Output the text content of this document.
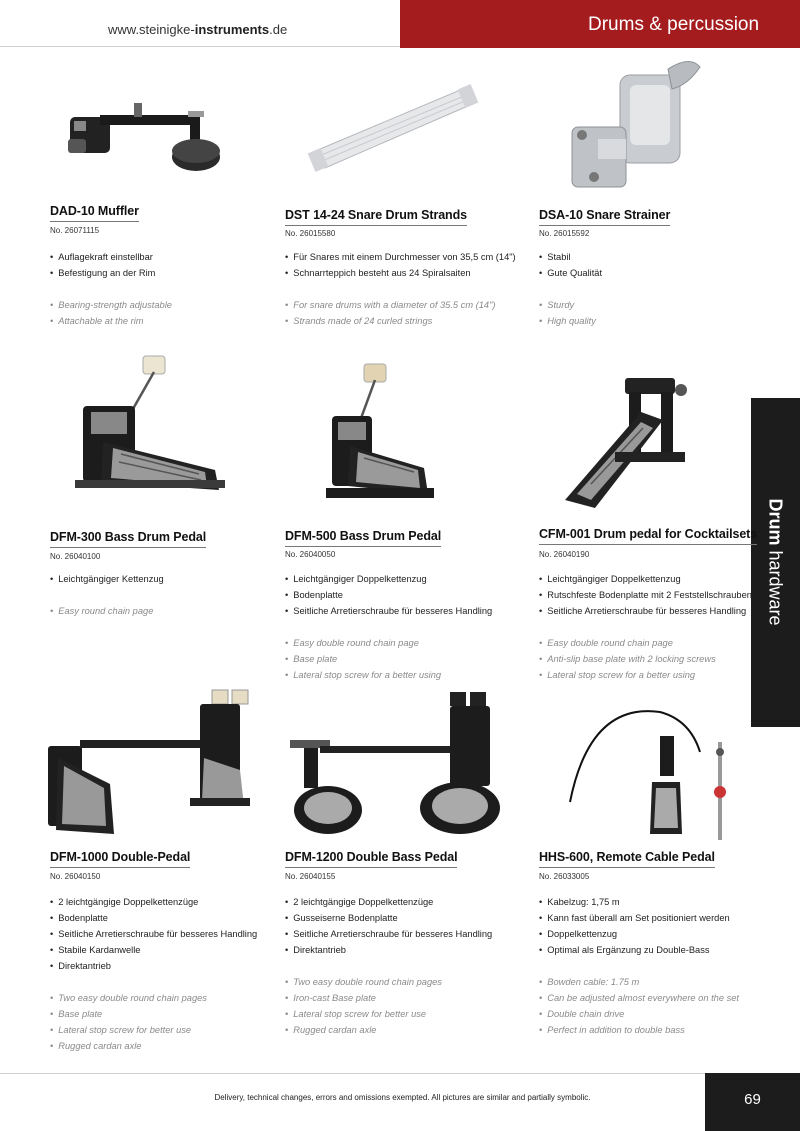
www.steinigke-instruments.de	Drums & percussion
Drum hardware
DAD-10 Muffler
No. 26071115
• Auflagekraft einstellbar
• Befestigung an der Rim
• Bearing-strength adjustable
• Attachable at the rim
DST 14-24 Snare Drum Strands
No. 26015580
• Für Snares mit einem Durchmesser von 35,5 cm (14")
• Schnarrteppich besteht aus 24 Spiralsaiten
• For snare drums with a diameter of 35.5 cm (14")
• Strands made of 24 curled strings
DSA-10 Snare Strainer
No. 26015592
• Stabil
• Gute Qualität
• Sturdy
• High quality
DFM-300 Bass Drum Pedal
No. 26040100
• Leichtgängiger Kettenzug
• Easy round chain page
DFM-500 Bass Drum Pedal
No. 26040050
• Leichtgängiger Doppelkettenzug
• Bodenplatte
• Seitliche Arretierschraube für besseres Handling
• Easy double round chain page
• Base plate
• Lateral stop screw for a better using
CFM-001 Drum pedal for Cocktailsets
No. 26040190
• Leichtgängiger Doppelkettenzug
• Rutschfeste Bodenplatte mit 2 Feststellschrauben
• Seitliche Arretierschraube für besseres Handling
• Easy double round chain page
• Anti-slip base plate with 2 locking screws
• Lateral stop screw for a better using
DFM-1000 Double-Pedal
No. 26040150
• 2 leichtgängige Doppelkettenzüge
• Bodenplatte
• Seitliche Arretierschraube für besseres Handling
• Stabile Kardanwelle
• Direktantrieb
• Two easy double round chain pages
• Base plate
• Lateral stop screw for better use
• Rugged cardan axle
DFM-1200 Double Bass Pedal
No. 26040155
• 2 leichtgängige Doppelkettenzüge
• Gusseiserne Bodenplatte
• Seitliche Arretierschraube für besseres Handling
• Direktantrieb
• Two easy double round chain pages
• Iron-cast Base plate
• Lateral stop screw for better use
• Rugged cardan axle
HHS-600, Remote Cable Pedal
No. 26033005
• Kabelzug: 1,75 m
• Kann fast überall am Set positioniert werden
• Doppelkettenzug
• Optimal als Ergänzung zu Double-Bass
• Bowden cable: 1.75 m
• Can be adjusted almost everywhere on the set
• Double chain drive
• Perfect in addition to double bass
Delivery, technical changes, errors and omissions exempted. All pictures are similar and partially symbolic.	69
